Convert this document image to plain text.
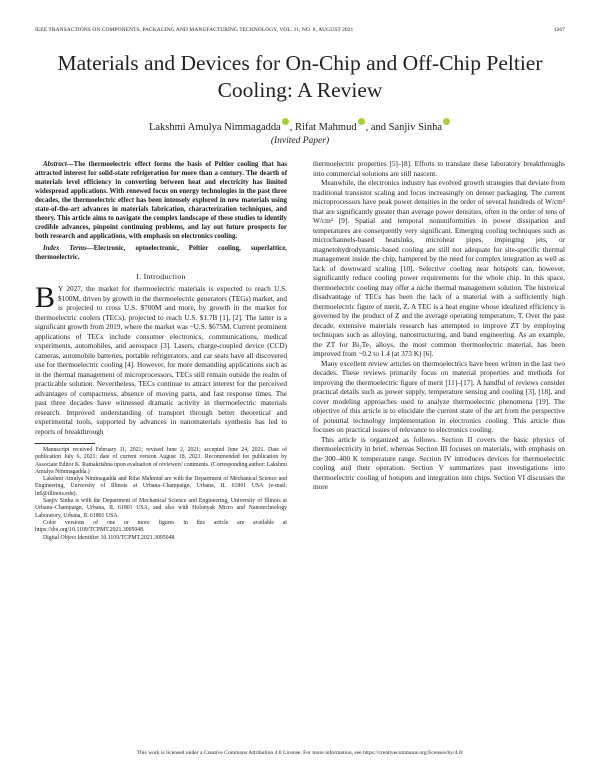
IEEE TRANSACTIONS ON COMPONENTS, PACKAGING AND MANUFACTURING TECHNOLOGY, VOL. 11, NO. 8, AUGUST 2021	1267
Materials and Devices for On-Chip and Off-Chip Peltier Cooling: A Review
Lakshmi Amulya Nimmagadda , Rifat Mahmud , and Sanjiv Sinha
(Invited Paper)

Abstract—The thermoelectric effect forms the basis of Peltier cooling that has attracted interest for solid-state refrigeration for more than a century. The dearth of materials level efficiency in converting between heat and electricity has limited widespread applications. With renewed focus on energy technologies in the past three decades, the thermoelectric effect has been intensely explored in new materials using state-of-the-art advances in materials fabrication, characterization techniques, and theory. This article aims to navigate the complex landscape of these studies to identify credible advances, pinpoint continuing problems, and lay out future prospects for both research and applications, with emphasis on electronics cooling.

Index Terms—Electronic, optoelectronic, Peltier cooling, superlattice, thermoelectric.

I. Introduction

B Y 2027, the market for thermoelectric materials is expected to reach U.S. $100M, driven by growth in the thermoelectric generators (TEGs) market, and is projected to cross U.S. $700M and more, by growth in the market for thermoelectric coolers (TECs), projected to reach U.S. $1.7B [1], [2]. The latter is a significant growth from 2019, where the market was ~U.S. $675M. Current prominent applications of TECs include consumer electronics, communications, medical experiments, automobiles, and aerospace [3]. Lasers, charge-coupled device (CCD) cameras, automobile batteries, portable refrigerators, and car seats have all discovered use for thermoelectric cooling [4]. However, for more demanding applications such as in the thermal management of microprocessors, TECs still remain outside the realm of practicable solution. Nevertheless, TECs continue to attract interest for the perceived advantages of compactness, absence of moving parts, and fast response times. The past three decades have witnessed dramatic activity in thermoelectric materials research. Improved understanding of transport through better theoretical and experimental tools, supported by advances in nanomaterials synthesis has led to reports of breakthrough

Manuscript received February 11, 2021; revised June 2, 2021; accepted June 24, 2021. Date of publication July 6, 2021; date of current version August 18, 2021. Recommended for publication by Associate Editor K. Ramakrishna upon evaluation of reviewers' comments. (Corresponding author: Lakshmi Amulya Nimmagadda.)

Lakshmi Amulya Nimmagadda and Rifat Mahmud are with the Department of Mechanical Science and Engineering, University of Illinois at Urbana–Champaign, Urbana, IL 61801 USA (e-mail: ln6@illinois.edu).

Sanjiv Sinha is with the Department of Mechanical Science and Engineering, University of Illinois at Urbana–Champaign, Urbana, IL 61801 USA, and also with Holonyak Micro and Nanotechnology Laboratory, Urbana, IL 61801 USA.

Color versions of one or more figures in this article are available at https://doi.org/10.1109/TCPMT.2021.3095048.

Digital Object Identifier 10.1109/TCPMT.2021.3095048

thermoelectric properties [5]–[8]. Efforts to translate these laboratory breakthroughs into commercial solutions are still nascent.

Meanwhile, the electronics industry has evolved growth strategies that deviate from traditional transistor scaling and focus increasingly on denser packaging. The current microprocessors have peak power densities in the order of several hundreds of W/cm² that are significantly greater than average power densities, often in the order of tens of W/cm² [9]. Spatial and temporal nonuniformities in power dissipation and temperatures are consequently very significant. Emerging cooling techniques such as microchannels-based heatsinks, microheat pipes, impinging jets, or magnetohydrodynamic-based cooling are still not adequate for site-specific thermal management inside the chip, hampered by the need for complex integration as well as lack of downward scaling [10]. Selective cooling near hotspots can, however, significantly reduce cooling power requirements for the whole chip. In this space, thermoelectric cooling may offer a niche thermal management solution. The historical disadvantage of TECs has been the lack of a material with a sufficiently high thermoelectric figure of merit, Z. A TEC is a heat engine whose idealized efficiency is governed by the product of Z and the average operating temperature, T. Over the past decade, extensive materials research has attempted to improve ZT by employing techniques such as alloying, nanostructuring, and band engineering. As an example, the ZT for Bi₂Te₃ alloys, the most common thermoelectric material, has been improved from ~0.2 to 1.4 (at 373 K) [6].

Many excellent review articles on thermoelectrics have been written in the last two decades. These reviews primarily focus on material properties and methods for improving the thermoelectric figure of merit [11]–[17]. A handful of reviews consider practical details such as power supply, temperature sensing and cooling [3], [18], and cover modeling approaches used to analyze thermoelectric phenomena [19]. The objective of this article is to elucidate the current state of the art from the perspective of potential technology implementation in electronics cooling. This article thus focuses on practical issues of relevance to electronics cooling.

This article is organized as follows. Section II covers the basic physics of thermoelectricity in brief, whereas Section III focuses on materials, with emphasis on the 300–400 K temperature range. Section IV introduces devices for thermoelectric cooling and their operation. Section V summarizes past investigations into thermoelectric cooling of hotspots and integration into chips. Section VI discusses the more

This work is licensed under a Creative Commons Attribution 4.0 License. For more information, see https://creativecommons.org/licenses/by/4.0/
